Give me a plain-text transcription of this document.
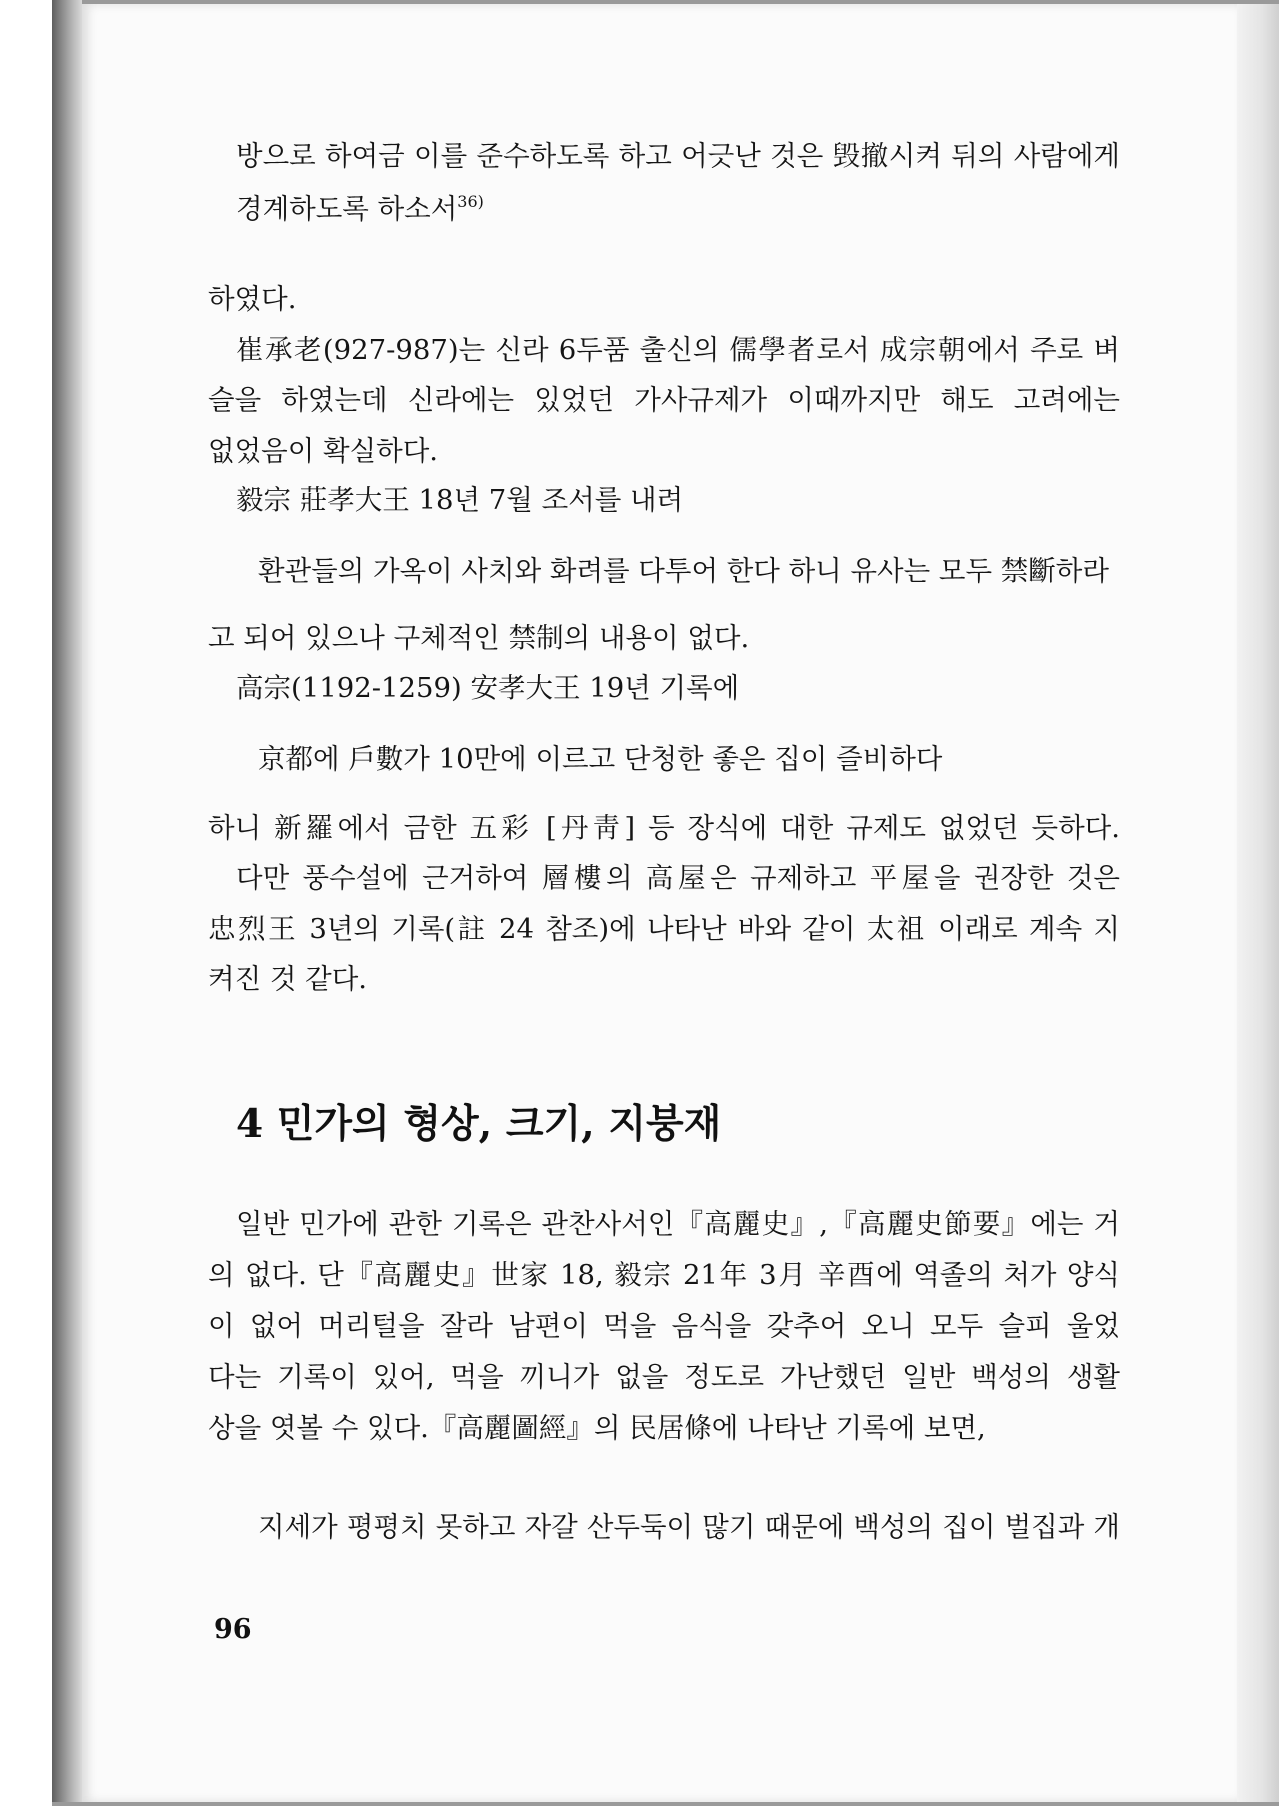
방으로 하여금 이를 준수하도록 하고 어긋난 것은 毁撤시켜 뒤의 사람에게
경계하도록 하소서$^{36)}$
하였다.
崔承老(927-987)는 신라 6두품 출신의 儒學者로서 成宗朝에서 주로 벼
슬을 하였는데 신라에는 있었던 가사규제가 이때까지만 해도 고려에는
없었음이 확실하다.
毅宗 莊孝大王 18년 7월 조서를 내려
환관들의 가옥이 사치와 화려를 다투어 한다 하니 유사는 모두 禁斷하라
고 되어 있으나 구체적인 禁制의 내용이 없다.
高宗(1192-1259) 安孝大王 19년 기록에
京都에 戶數가 10만에 이르고 단청한 좋은 집이 즐비하다
하니 新羅에서 금한 五彩 [丹靑] 등 장식에 대한 규제도 없었던 듯하다.
다만 풍수설에 근거하여 層樓의 高屋은 규제하고 平屋을 권장한 것은
忠烈王 3년의 기록(註 24 참조)에 나타난 바와 같이 太祖 이래로 계속 지
켜진 것 같다.
4 민가의 형상, 크기, 지붕재
일반 민가에 관한 기록은 관찬사서인『高麗史』,『高麗史節要』에는 거
의 없다. 단『高麗史』世家 18, 毅宗 21年 3月 辛酉에 역졸의 처가 양식
이 없어 머리털을 잘라 남편이 먹을 음식을 갖추어 오니 모두 슬피 울었
다는 기록이 있어, 먹을 끼니가 없을 정도로 가난했던 일반 백성의 생활
상을 엿볼 수 있다.『高麗圖經』의 民居條에 나타난 기록에 보면,
지세가 평평치 못하고 자갈 산두둑이 많기 때문에 백성의 집이 벌집과 개
96
